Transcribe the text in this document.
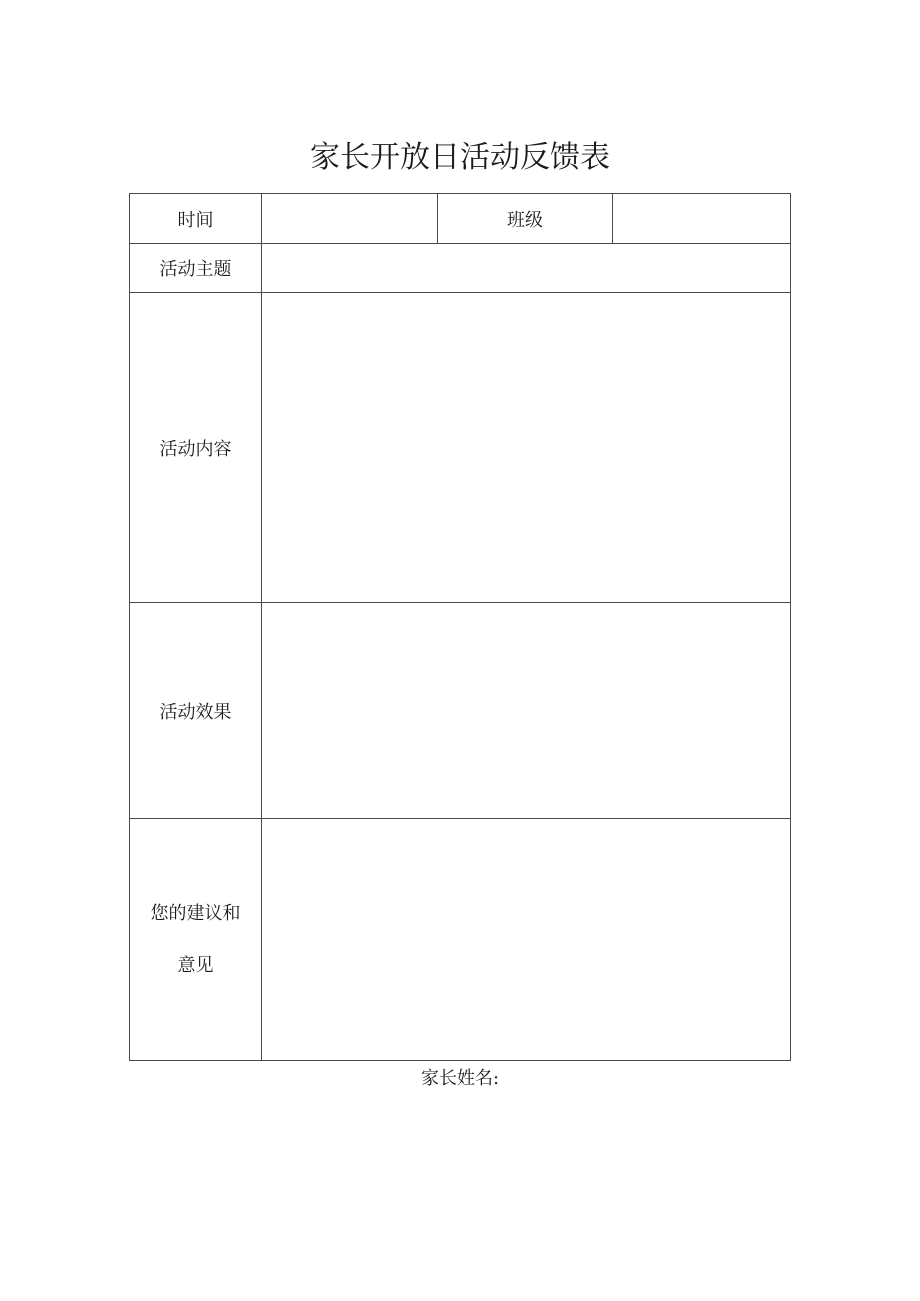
家长开放日活动反馈表
时间		班级	
活动主题			
活动内容			
活动效果			

您的建议和
意见			

家长姓名:
